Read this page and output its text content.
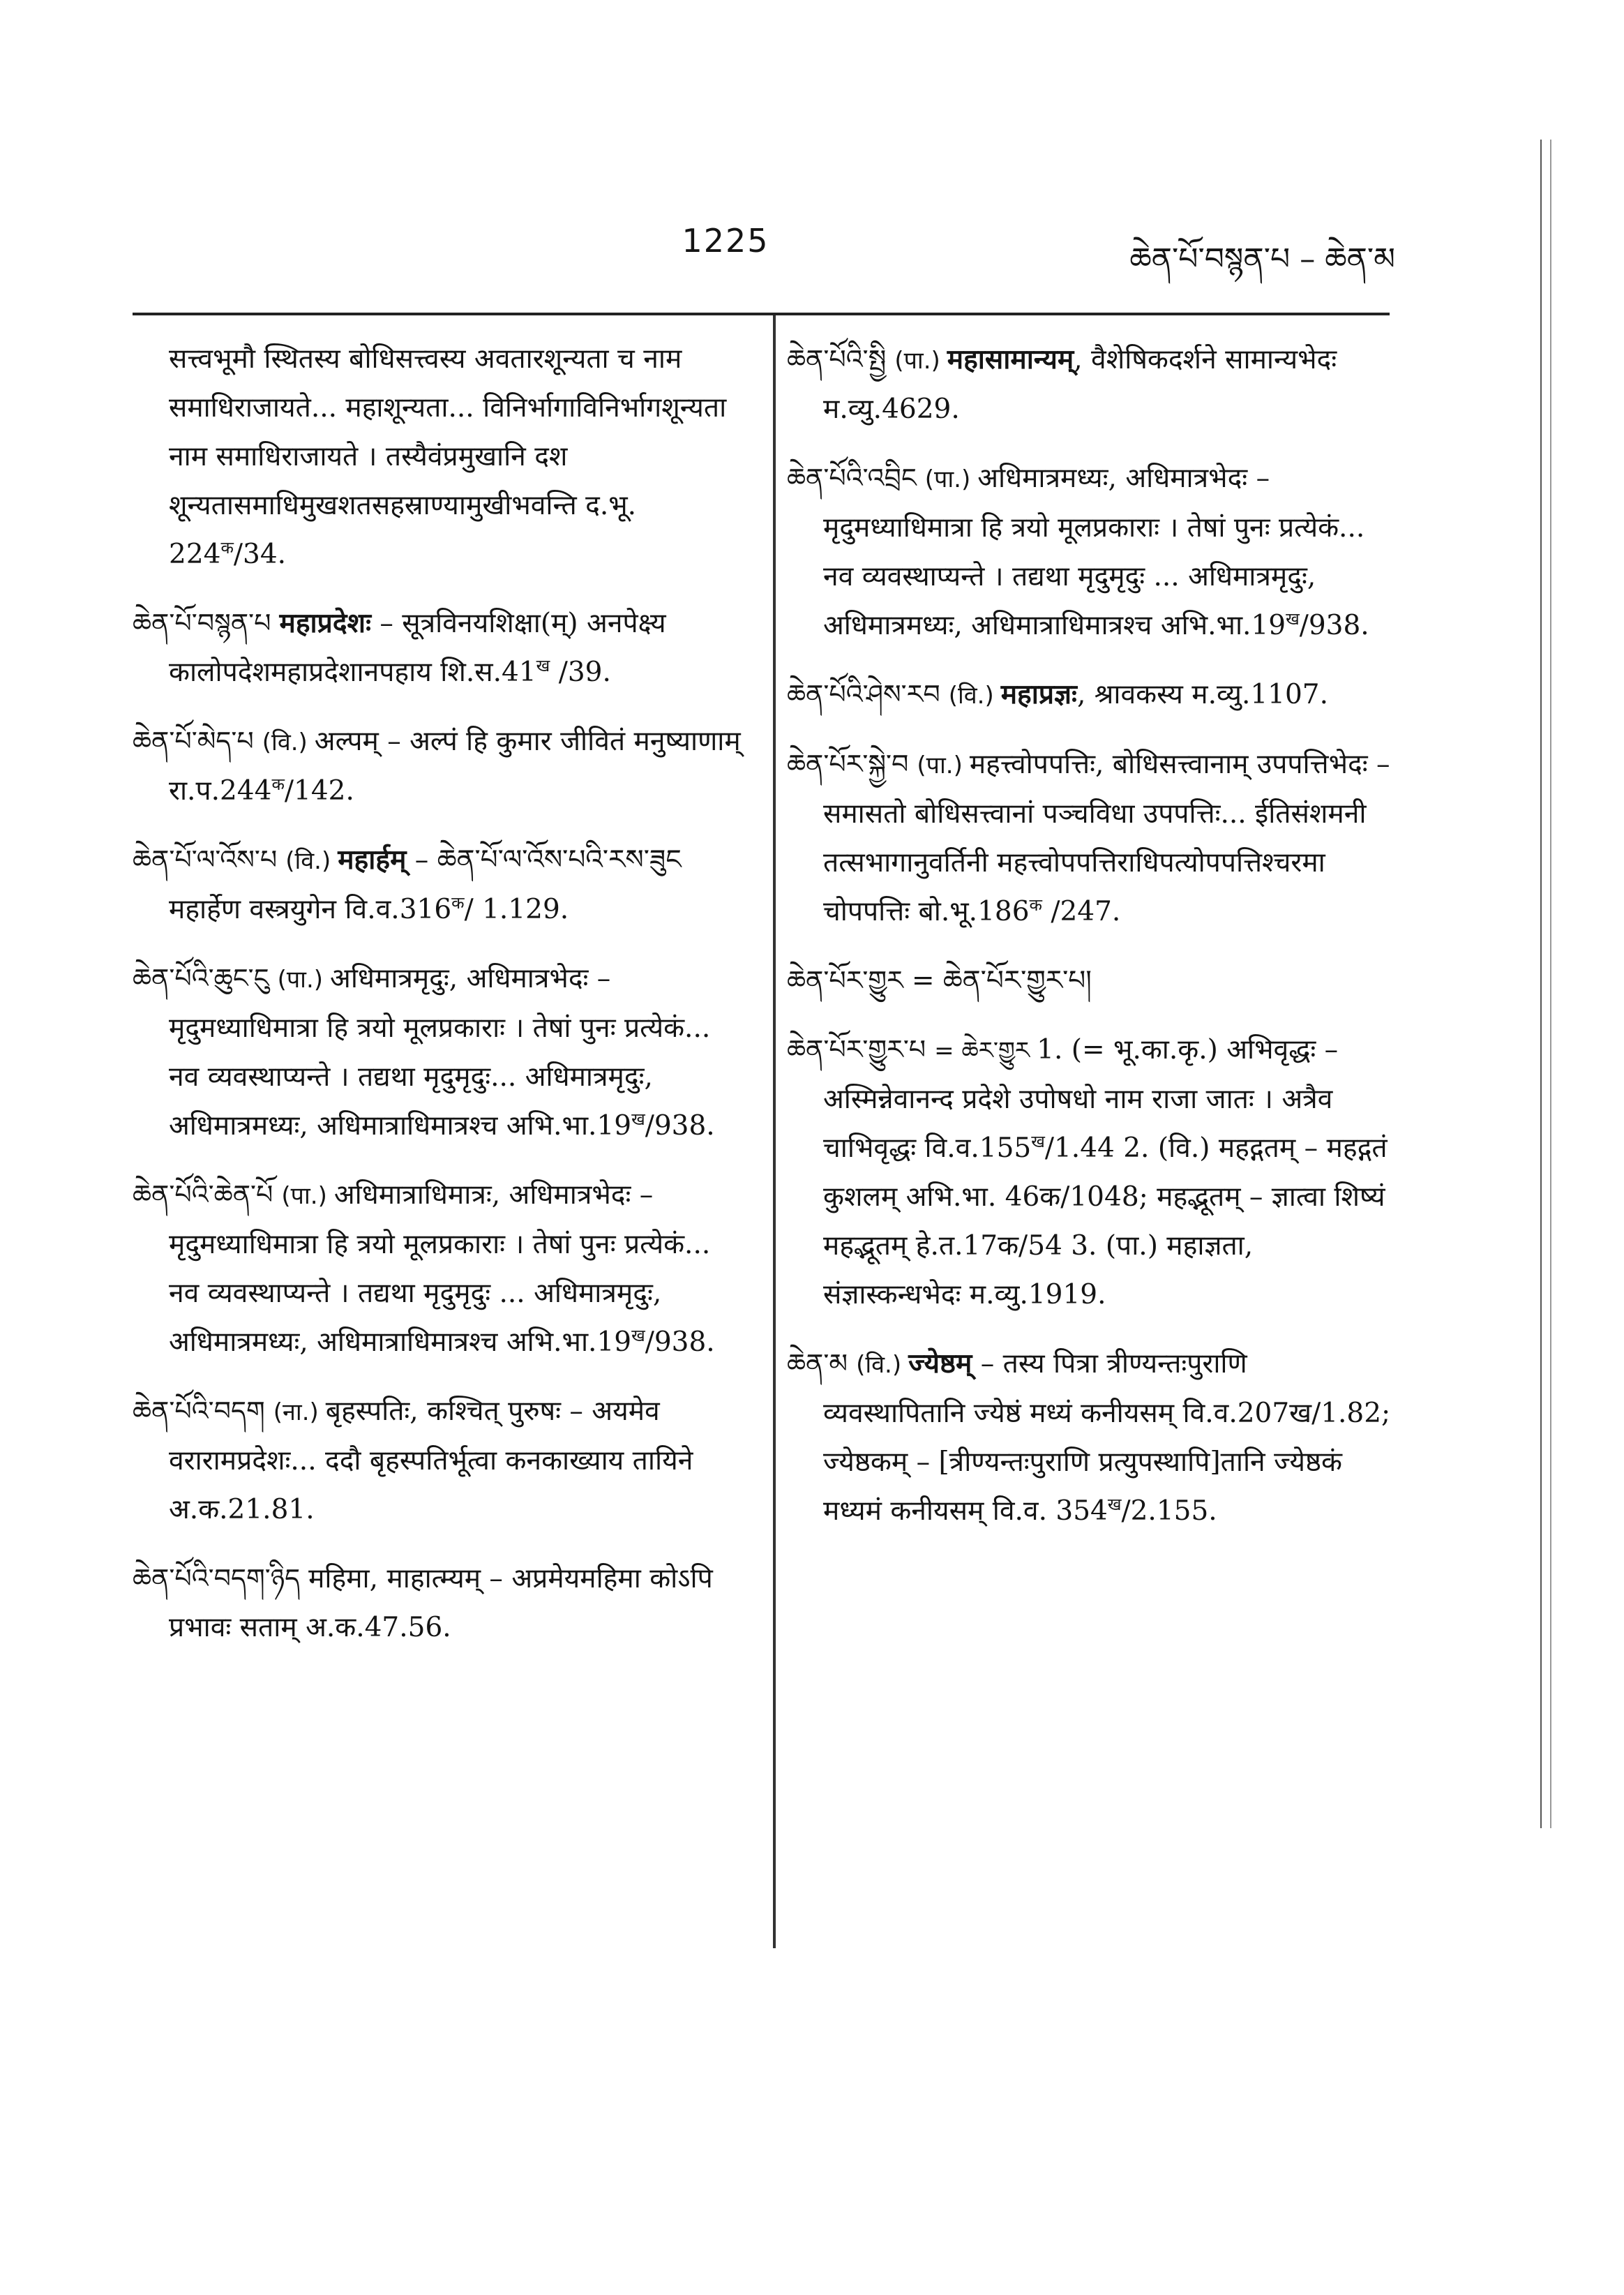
1225	ཆེན་པོ་བསྙན་པ – ཆེན་མ

सत्त्वभूमौ स्थितस्य बोधिसत्त्वस्य अवतारशून्यता च नाम समाधिराजायते... महाशून्यता... विनिर्भागाविनिर्भागशून्यता नाम समाधिराजायते । तस्यैवंप्रमुखानि दश शून्यतासमाधिमुखशतसहस्राण्यामुखीभवन्ति द.भू. $224^क/34$.

ཆེན་པོ་བསྙན་པ महाप्रदेशः – सूत्रविनयशिक्षा(म्) अनपेक्ष्य कालोपदेशमहाप्रदेशानपहाय $शि.स.41^ख$ /39.

ཆེན་པོ་མེད་པ (वि.) अल्पम् – अल्पं हि कुमार जीवितं मनुष्याणाम् $रा.प.244^क/142$.

ཆེན་པོ་ལ་འོས་པ (वि.) महार्हम् – ཆེན་པོ་ལ་འོས་པའི་རས་ཟུང महार्हेण वस्त्रयुगेन $वि.व.316^क/$ 1.129.

ཆེན་པོའི་ཆུང་ངུ (पा.) अधिमात्रमृदुः, अधिमात्रभेदः – मृदुमध्याधिमात्रा हि त्रयो मूलप्रकाराः । तेषां पुनः प्रत्येकं... नव व्यवस्थाप्यन्ते । तद्यथा मृदुमृदुः... अधिमात्रमृदुः, अधिमात्रमध्यः, अधिमात्राधिमात्रश्च $अभि.भा.19^ख/938$.

ཆེན་པོའི་ཆེན་པོ (पा.) अधिमात्राधिमात्रः, अधिमात्रभेदः – मृदुमध्याधिमात्रा हि त्रयो मूलप्रकाराः । तेषां पुनः प्रत्येकं... नव व्यवस्थाप्यन्ते । तद्यथा मृदुमृदुः ... अधिमात्रमृदुः, अधिमात्रमध्यः, अधिमात्राधिमात्रश्च $अभि.भा.19^ख/938$.

ཆེན་པོའི་བདག (ना.) बृहस्पतिः, कश्चित् पुरुषः – अयमेव वरारामप्रदेशः... ददौ बृहस्पतिर्भूत्वा कनकाख्याय तायिने अ.क.21.81.

ཆེན་པོའི་བདག་ཉིད महिमा, माहात्म्यम् – अप्रमेयमहिमा कोऽपि प्रभावः सताम् अ.क.47.56.

ཆེན་པོའི་སྤྱི (पा.) महासामान्यम्, वैशेषिकदर्शने सामान्यभेदः म.व्यु.4629.

ཆེན་པོའི་འབྲིང (पा.) अधिमात्रमध्यः, अधिमात्रभेदः – मृदुमध्याधिमात्रा हि त्रयो मूलप्रकाराः । तेषां पुनः प्रत्येकं... नव व्यवस्थाप्यन्ते । तद्यथा मृदुमृदुः ... अधिमात्रमृदुः, अधिमात्रमध्यः, अधिमात्राधिमात्रश्च $अभि.भा.19^ख/938$.

ཆེན་པོའི་ཤེས་རབ (वि.) महाप्रज्ञः, श्रावकस्य म.व्यु.1107.

ཆེན་པོར་སྐྱེ་བ (पा.) महत्त्वोपपत्तिः, बोधिसत्त्वानाम् उपपत्तिभेदः – समासतो बोधिसत्त्वानां पञ्चविधा उपपत्तिः... ईतिसंशमनी तत्सभागानुवर्तिनी महत्त्वोपपत्तिराधिपत्योपपत्तिश्चरमा चोपपत्तिः $बो.भू.186^क$ /247.

ཆེན་པོར་གྱུར = ཆེན་པོར་གྱུར་པ།

ཆེན་པོར་གྱུར་པ = ཆེར་གྱུར 1. (= भू.का.कृ.) अभिवृद्धः – अस्मिन्नेवानन्द प्रदेशे उपोषधो नाम राजा जातः । अत्रैव चाभिवृद्धः $वि.व.155^ख/1.44$ 2. (वि.) महद्गतम् – महद्गतं कुशलम् अभि.भा. 46क/1048; महद्भूतम् – ज्ञात्वा शिष्यं महद्भूतम् हे.त.17क/54 3. (पा.) महाज्ञता, संज्ञास्कन्धभेदः म.व्यु.1919.

ཆེན་མ (वि.) ज्येष्ठम् – तस्य पित्रा त्रीण्यन्तःपुराणि व्यवस्थापितानि ज्येष्ठं मध्यं कनीयसम् वि.व.207ख/1.82; ज्येष्ठकम् – [त्रीण्यन्तःपुराणि प्रत्युपस्थापि]तानि ज्येष्ठकं मध्यमं कनीयसम् वि.व. $354^ख/2.155$.
